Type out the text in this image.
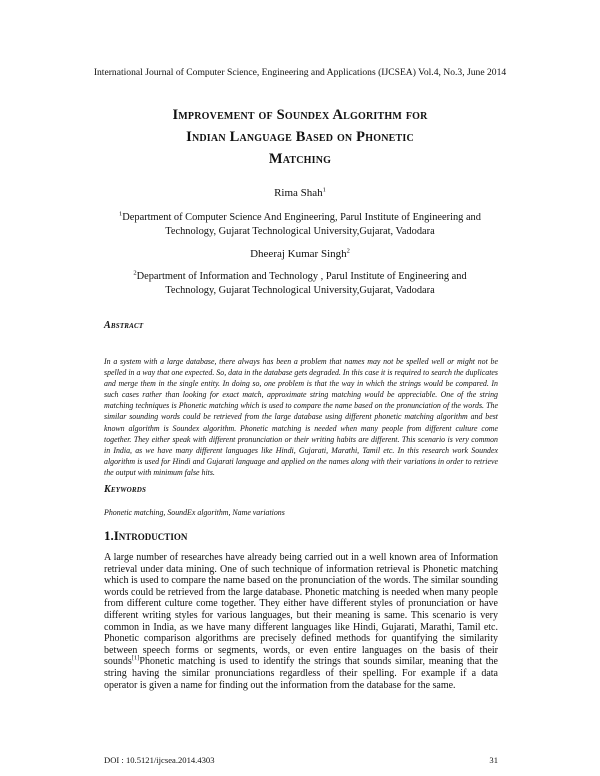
International Journal of Computer Science, Engineering and Applications (IJCSEA) Vol.4, No.3, June 2014
Improvement of Soundex Algorithm for
Indian Language Based on Phonetic
Matching
Rima Shah$^1$
$^1$Department of Computer Science And Engineering, Parul Institute of Engineering and
Technology, Gujarat Technological University,Gujarat, Vadodara
Dheeraj Kumar Singh$^2$
$^2$Department of Information and Technology , Parul Institute of Engineering and
Technology, Gujarat Technological University,Gujarat, Vadodara
Abstract
In a system with a large database, there always has been a problem that names may not be spelled well or might not be spelled in a way that one expected. So, data in the database gets degraded. In this case it is required to search the duplicates and merge them in the single entity. In doing so, one problem is that the way in which the strings would be compared. In such cases rather than looking for exact match, approximate string matching would be appreciable. One of the string matching techniques is Phonetic matching which is used to compare the name based on the pronunciation of the words. The similar sounding words could be retrieved from the large database using different phonetic matching algorithm and best known algorithm is Soundex algorithm. Phonetic matching is needed when many people from different culture come together. They either speak with different pronunciation or their writing habits are different. This scenario is very common in India, as we have many different languages like Hindi, Gujarati, Marathi, Tamil etc. In this research work Soundex algorithm is used for Hindi and Gujarati language and applied on the names along with their variations in order to retrieve the output with minimum false hits.
Keywords
Phonetic matching, SoundEx algorithm, Name variations
1.Introduction
A large number of researches have already being carried out in a well known area of Information retrieval under data mining. One of such technique of information retrieval is Phonetic matching which is used to compare the name based on the pronunciation of the words. The similar sounding words could be retrieved from the large database. Phonetic matching is needed when many people from different culture come together. They either have different styles of pronunciation or have different writing styles for various languages, but their meaning is same. This scenario is very common in India, as we have many different languages like Hindi, Gujarati, Marathi, Tamil etc. Phonetic comparison algorithms are precisely defined methods for quantifying the similarity between speech forms or segments, words, or even entire languages on the basis of their sounds[1]Phonetic matching is used to identify the strings that sounds similar, meaning that the string having the similar pronunciations regardless of their spelling. For example if a data operator is given a name for finding out the information from the database for the same.
DOI : 10.5121/ijcsea.2014.4303	31
